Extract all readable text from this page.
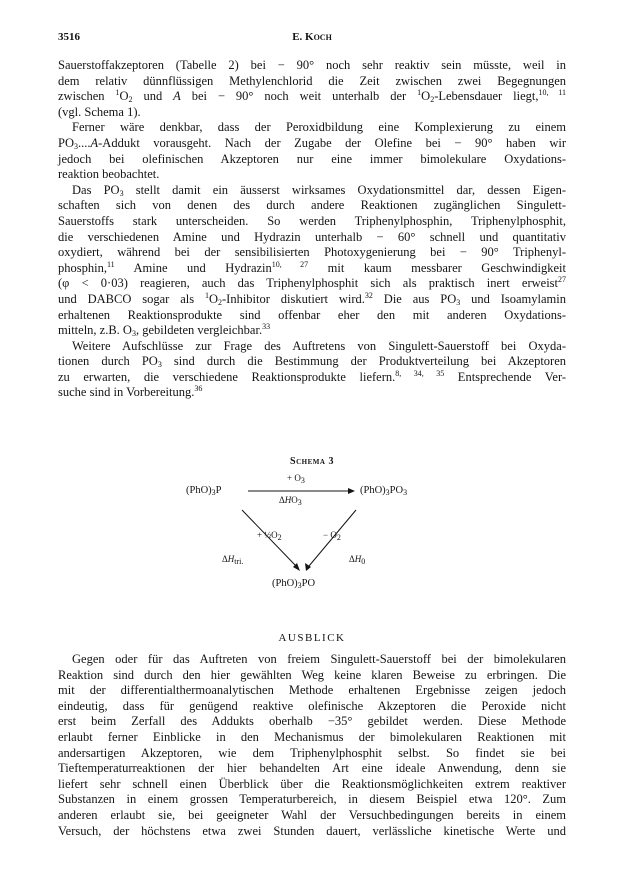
3516	E. Koch
Sauerstoffakzeptoren (Tabelle 2) bei − 90° noch sehr reaktiv sein müsste, weil in
dem relativ dünnflüssigen Methylenchlorid die Zeit zwischen zwei Begegnungen
zwischen $^1O_2$ und A bei − 90° noch weit unterhalb der $^1O_2$-Lebensdauer liegt,$^{10, 11}$
(vgl. Schema 1).
Ferner wäre denkbar, dass der Peroxidbildung eine Komplexierung zu einem
$PO_3....A$-Addukt vorausgeht. Nach der Zugabe der Olefine bei − 90° haben wir
jedoch bei olefinischen Akzeptoren nur eine immer bimolekulare Oxydations-
reaktion beobachtet.
Das $PO_3$ stellt damit ein äusserst wirksames Oxydationsmittel dar, dessen Eigen-
schaften sich von denen des durch andere Reaktionen zugänglichen Singulett-
Sauerstoffs stark unterscheiden. So werden Triphenylphosphin, Triphenylphosphit,
die verschiedenen Amine und Hydrazin unterhalb − 60° schnell und quantitativ
oxydiert, während bei der sensibilisierten Photoxygenierung bei − 90° Triphenyl-
phosphin,$^{11}$ Amine und Hydrazin$^{10, 27}$ mit kaum messbarer Geschwindigkeit
(φ < 0·03) reagieren, auch das Triphenylphosphit sich als praktisch inert erweist$^{27}$
und DABCO sogar als $^1O_2$-Inhibitor diskutiert wird.$^{32}$ Die aus $PO_3$ und Isoamylamin
erhaltenen Reaktionsprodukte sind offenbar eher den mit anderen Oxydations-
mitteln, z.B. $O_3$, gebildeten vergleichbar.$^{33}$
Weitere Aufschlüsse zur Frage des Auftretens von Singulett-Sauerstoff bei Oxyda-
tionen durch $PO_3$ sind durch die Bestimmung der Produktverteilung bei Akzeptoren
zu erwarten, die verschiedene Reaktionsprodukte liefern.$^{8, 34, 35}$ Entsprechende Ver-
suche sind in Vorbereitung.$^{36}$
Schema 3
$(PhO)_3P$	$(PhO)_3PO_3$
$(PhO)_3PO$
+ $O_3$
$\Delta HO_3$
+ $\frac{1}{2}O_2$
$\Delta H_{tri.}$
− $O_2$
$\Delta H_0$
AUSBLICK
Gegen oder für das Auftreten von freiem Singulett-Sauerstoff bei der bimolekularen
Reaktion sind durch den hier gewählten Weg keine klaren Beweise zu erbringen. Die
mit der differentialthermoanalytischen Methode erhaltenen Ergebnisse zeigen jedoch
eindeutig, dass für genügend reaktive olefinische Akzeptoren die Peroxide nicht
erst beim Zerfall des Addukts oberhalb −35° gebildet werden. Diese Methode
erlaubt ferner Einblicke in den Mechanismus der bimolekularen Reaktionen mit
andersartigen Akzeptoren, wie dem Triphenylphosphit selbst. So findet sie bei
Tieftemperaturreaktionen der hier behandelten Art eine ideale Anwendung, denn sie
liefert sehr schnell einen Überblick über die Reaktionsmöglichkeiten extrem reaktiver
Substanzen in einem grossen Temperaturbereich, in diesem Beispiel etwa 120°. Zum
anderen erlaubt sie, bei geeigneter Wahl der Versuchbedingungen bereits in einem
Versuch, der höchstens etwa zwei Stunden dauert, verlässliche kinetische Werte und
